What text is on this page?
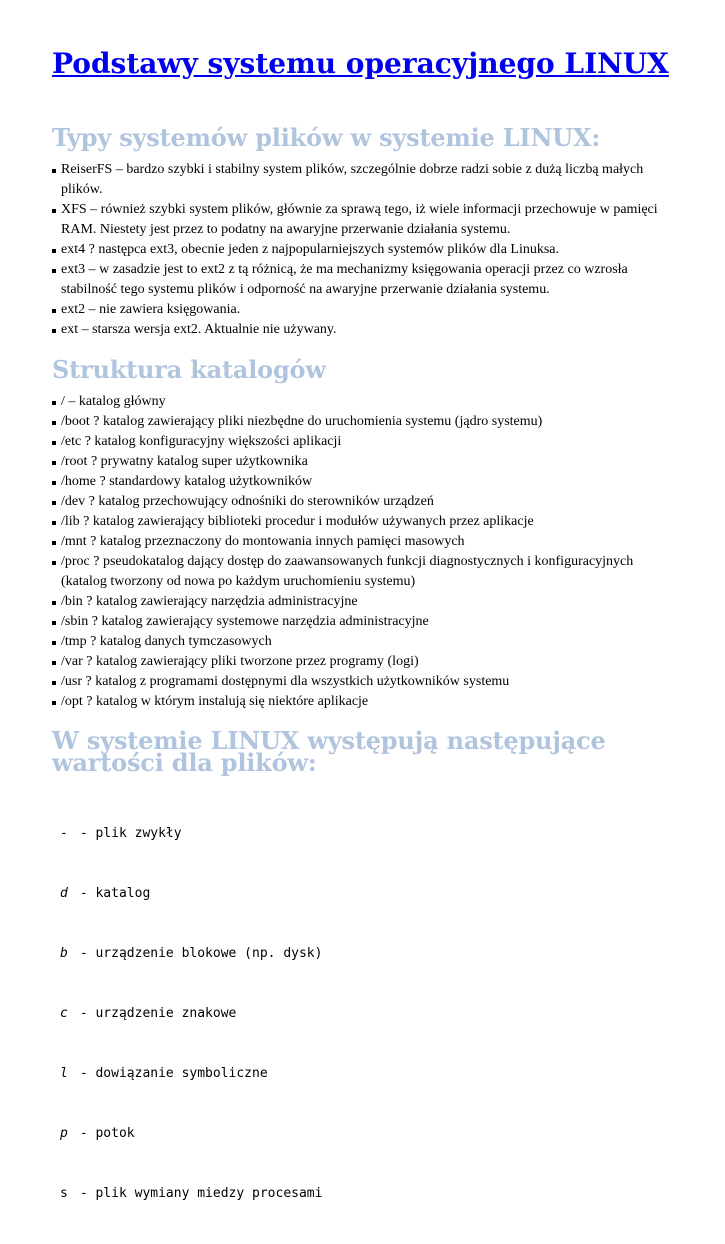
Podstawy systemu operacyjnego LINUX
Typy systemów plików w systemie LINUX:
ReiserFS – bardzo szybki i stabilny system plików, szczególnie dobrze radzi sobie z dużą liczbą małych plików.
XFS – również szybki system plików, głównie za sprawą tego, iż wiele informacji przechowuje w pamięci RAM. Niestety jest przez to podatny na awaryjne przerwanie działania systemu.
ext4 ? następca ext3, obecnie jeden z najpopularniejszych systemów plików dla Linuksa.
ext3 – w zasadzie jest to ext2 z tą różnicą, że ma mechanizmy księgowania operacji przez co wzrosła stabilność tego systemu plików i odporność na awaryjne przerwanie działania systemu.
ext2 – nie zawiera księgowania.
ext – starsza wersja ext2. Aktualnie nie używany.
Struktura katalogów
/ – katalog główny
/boot ? katalog zawierający pliki niezbędne do uruchomienia systemu (jądro systemu)
/etc ? katalog konfiguracyjny większości aplikacji
/root ? prywatny katalog super użytkownika
/home ? standardowy katalog użytkowników
/dev ? katalog przechowujący odnośniki do sterowników urządzeń
/lib ? katalog zawierający biblioteki procedur i modułów używanych przez aplikacje
/mnt ? katalog przeznaczony do montowania innych pamięci masowych
/proc ? pseudokatalog dający dostęp do zaawansowanych funkcji diagnostycznych i konfiguracyjnych (katalog tworzony od nowa po każdym uruchomieniu systemu)
/bin ? katalog zawierający narzędzia administracyjne
/sbin ? katalog zawierający systemowe narzędzia administracyjne
/tmp ? katalog danych tymczasowych
/var ? katalog zawierający pliki tworzone przez programy (logi)
/usr ? katalog z programami dostępnymi dla wszystkich użytkowników systemu
/opt ? katalog w którym instalują się niektóre aplikacje
W systemie LINUX występują następujące wartości dla plików:

- - plik zwykły

d - katalog

b - urządzenie blokowe (np. dysk)

c - urządzenie znakowe

l - dowiązanie symboliczne

p - potok

s - plik wymiany miedzy procesami
